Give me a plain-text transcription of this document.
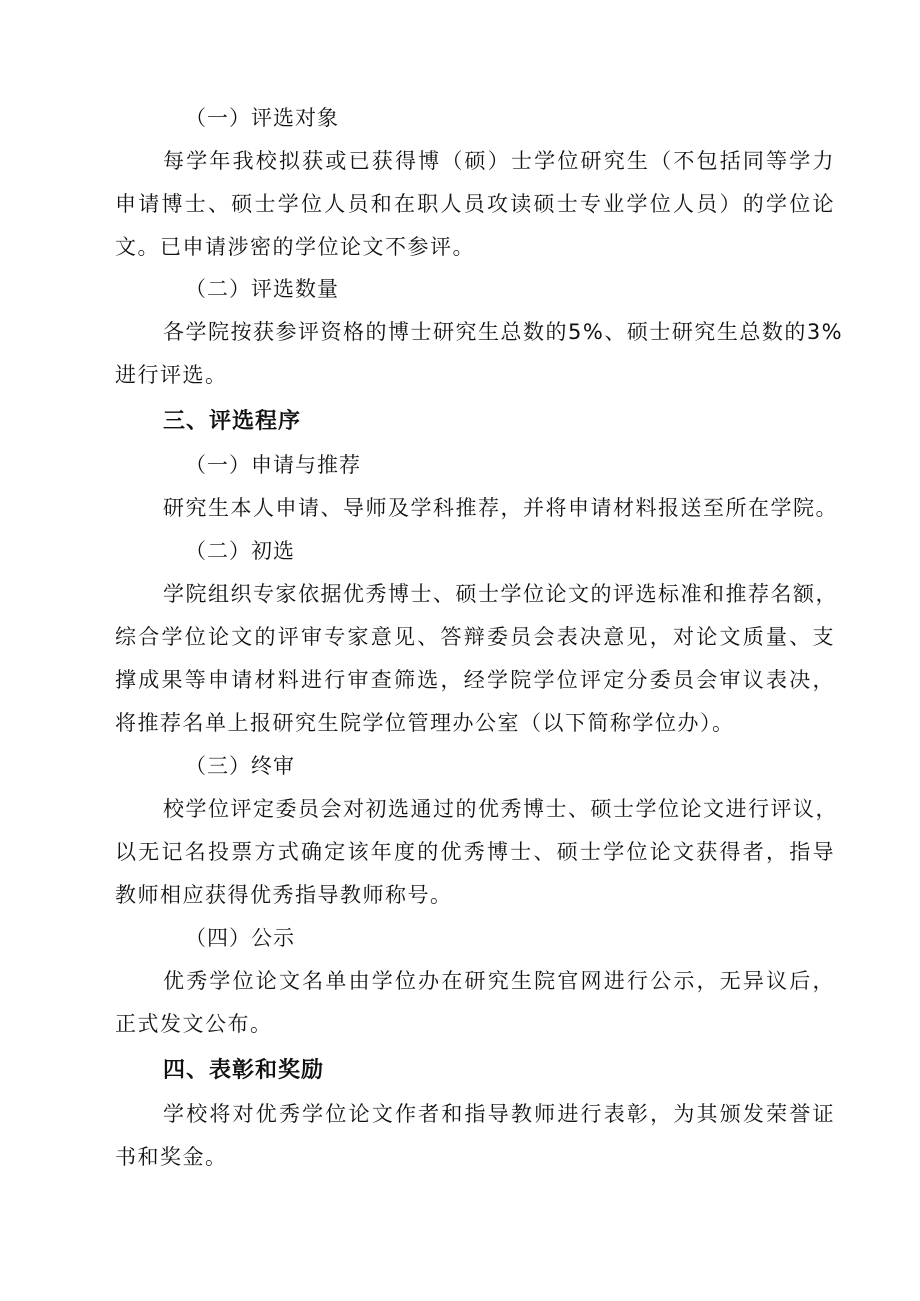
（一）评选对象
每学年我校拟获或已获得博（硕）士学位研究生（不包括同等学力
申请博士、硕士学位人员和在职人员攻读硕士专业学位人员）的学位论
文。已申请涉密的学位论文不参评。
（二）评选数量
各学院按获参评资格的博士研究生总数的5%、硕士研究生总数的3%
进行评选。
三、评选程序
（一）申请与推荐
研究生本人申请、导师及学科推荐，并将申请材料报送至所在学院。
（二）初选
学院组织专家依据优秀博士、硕士学位论文的评选标准和推荐名额，
综合学位论文的评审专家意见、答辩委员会表决意见，对论文质量、支
撑成果等申请材料进行审查筛选，经学院学位评定分委员会审议表决，
将推荐名单上报研究生院学位管理办公室（以下简称学位办）。
（三）终审
校学位评定委员会对初选通过的优秀博士、硕士学位论文进行评议，
以无记名投票方式确定该年度的优秀博士、硕士学位论文获得者，指导
教师相应获得优秀指导教师称号。
（四）公示
优秀学位论文名单由学位办在研究生院官网进行公示，无异议后，
正式发文公布。
四、表彰和奖励
学校将对优秀学位论文作者和指导教师进行表彰，为其颁发荣誉证
书和奖金。
